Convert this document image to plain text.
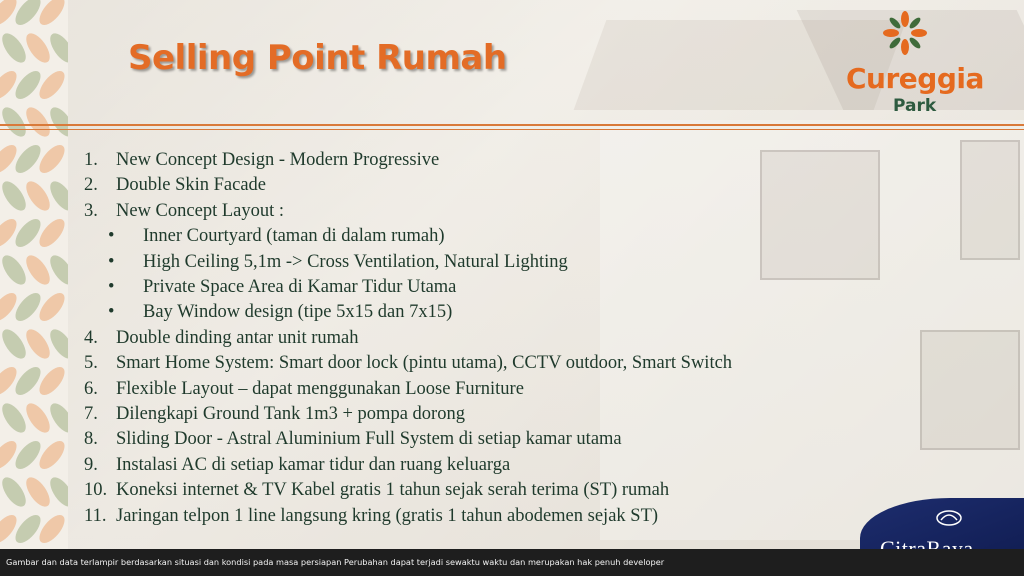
Selling Point Rumah
Cureggia
Park
1. New Concept Design - Modern Progressive
2. Double Skin Facade
3. New Concept Layout :
•	Inner Courtyard (taman di dalam rumah)
•	High Ceiling 5,1m -> Cross Ventilation, Natural Lighting
•	Private Space Area di Kamar Tidur Utama
•	Bay Window design (tipe 5x15 dan 7x15)
4. Double dinding antar unit rumah
5. Smart Home System: Smart door lock (pintu utama), CCTV outdoor, Smart Switch
6. Flexible Layout – dapat menggunakan Loose Furniture
7. Dilengkapi Ground Tank 1m3 + pompa dorong
8. Sliding Door - Astral Aluminium Full System di setiap kamar utama
9. Instalasi AC di setiap kamar tidur dan ruang keluarga
10. Koneksi internet & TV Kabel gratis 1 tahun sejak serah terima (ST) rumah
11. Jaringan telpon 1 line langsung kring (gratis 1 tahun abodemen sejak ST)
Gambar dan data terlampir berdasarkan situasi dan kondisi pada masa persiapan Perubahan dapat terjadi sewaktu waktu dan merupakan hak penuh developer
